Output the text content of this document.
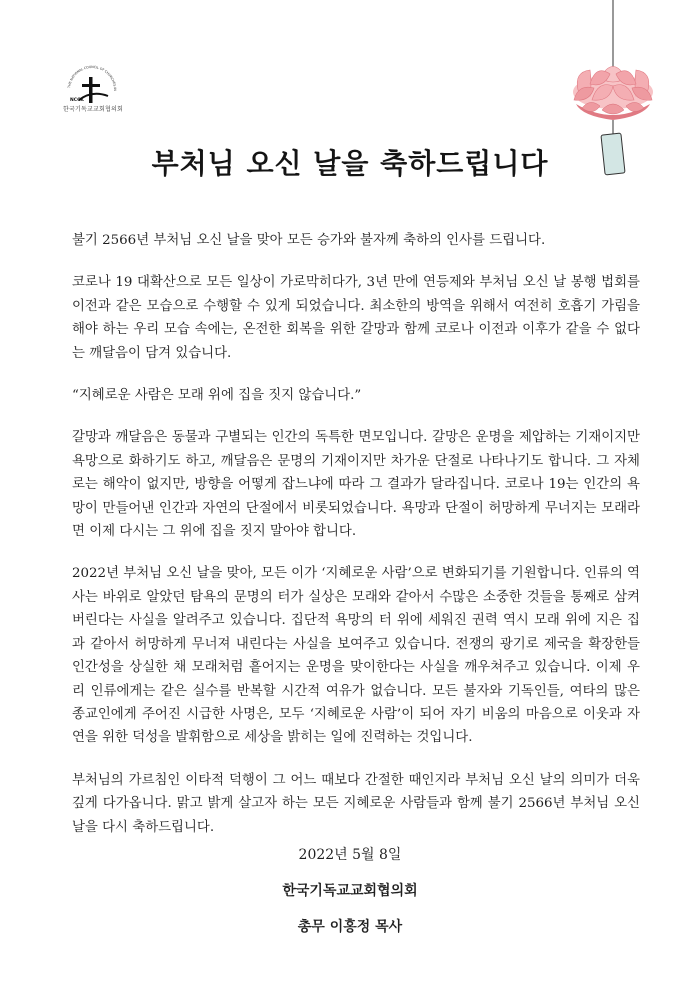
THE NATIONAL COUNCIL OF CHURCHES IN
NCCK
한국기독교교회협의회
부처님 오신 날을 축하드립니다

불기 2566년 부처님 오신 날을 맞아 모든 승가와 불자께 축하의 인사를 드립니다.

코로나 19 대확산으로 모든 일상이 가로막히다가, 3년 만에 연등제와 부처님 오신 날 봉행 법회를 이전과 같은 모습으로 수행할 수 있게 되었습니다. 최소한의 방역을 위해서 여전히 호흡기 가림을 해야 하는 우리 모습 속에는, 온전한 회복을 위한 갈망과 함께 코로나 이전과 이후가 같을 수 없다는 깨달음이 담겨 있습니다.

“지혜로운 사람은 모래 위에 집을 짓지 않습니다.”

갈망과 깨달음은 동물과 구별되는 인간의 독특한 면모입니다. 갈망은 운명을 제압하는 기재이지만 욕망으로 화하기도 하고, 깨달음은 문명의 기재이지만 차가운 단절로 나타나기도 합니다. 그 자체로는 해악이 없지만, 방향을 어떻게 잡느냐에 따라 그 결과가 달라집니다. 코로나 19는 인간의 욕망이 만들어낸 인간과 자연의 단절에서 비롯되었습니다. 욕망과 단절이 허망하게 무너지는 모래라면 이제 다시는 그 위에 집을 짓지 말아야 합니다.

2022년 부처님 오신 날을 맞아, 모든 이가 ‘지혜로운 사람’으로 변화되기를 기원합니다. 인류의 역사는 바위로 알았던 탐욕의 문명의 터가 실상은 모래와 같아서 수많은 소중한 것들을 통째로 삼켜버린다는 사실을 알려주고 있습니다. 집단적 욕망의 터 위에 세워진 권력 역시 모래 위에 지은 집과 같아서 허망하게 무너져 내린다는 사실을 보여주고 있습니다. 전쟁의 광기로 제국을 확장한들 인간성을 상실한 채 모래처럼 흩어지는 운명을 맞이한다는 사실을 깨우쳐주고 있습니다. 이제 우리 인류에게는 같은 실수를 반복할 시간적 여유가 없습니다. 모든 불자와 기독인들, 여타의 많은 종교인에게 주어진 시급한 사명은, 모두 ‘지혜로운 사람’이 되어 자기 비움의 마음으로 이웃과 자연을 위한 덕성을 발휘함으로 세상을 밝히는 일에 진력하는 것입니다.

부처님의 가르침인 이타적 덕행이 그 어느 때보다 간절한 때인지라 부처님 오신 날의 의미가 더욱 깊게 다가옵니다. 맑고 밝게 살고자 하는 모든 지혜로운 사람들과 함께 불기 2566년 부처님 오신 날을 다시 축하드립니다.

2022년 5월 8일
한국기독교교회협의회
총무 이홍정 목사
